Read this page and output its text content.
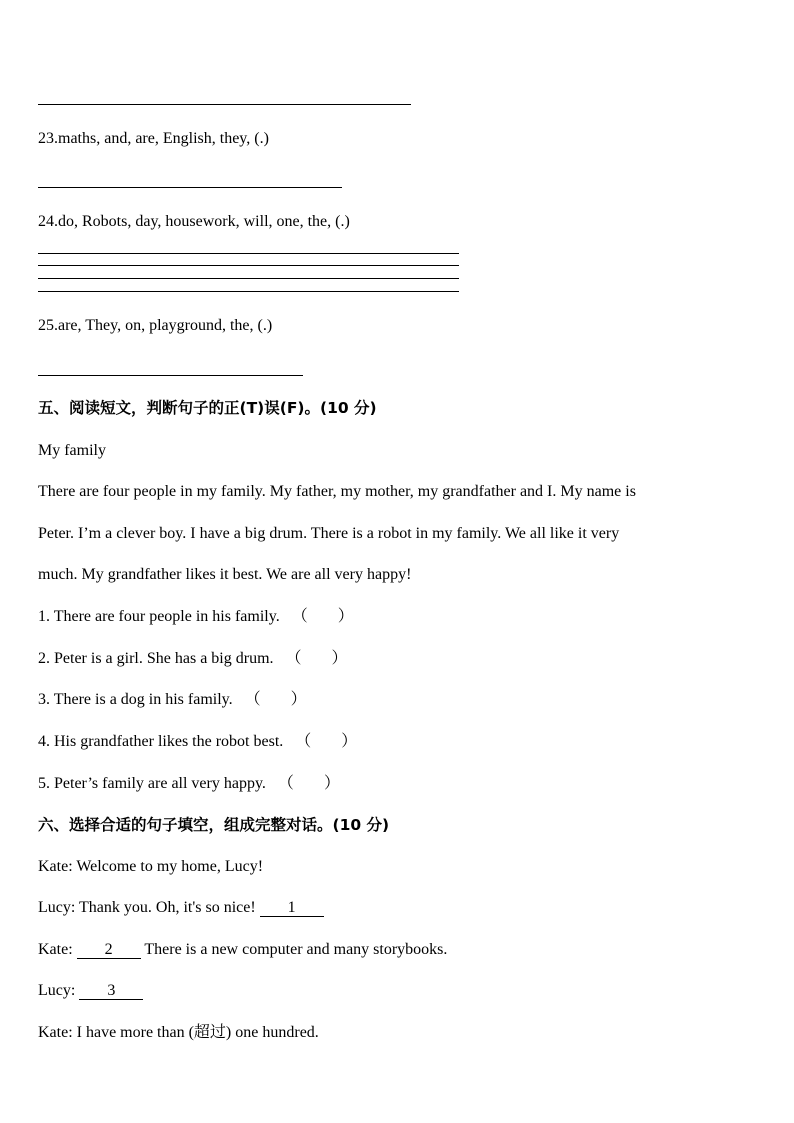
23.maths, and, are, English, they, (.)
24.do, Robots, day, housework, will, one, the, (.)
25.are, They, on, playground, the, (.)
五、阅读短文，判断句子的正(T)误(F)。(10 分)
My family
There are four people in my family. My father, my mother, my grandfather and I. My name is
Peter. I’m a clever boy. I have a big drum. There is a robot in my family. We all like it very
much. My grandfather likes it best. We are all very happy!
1. There are four people in his family. （ ）
2. Peter is a girl. She has a big drum. （ ）
3. There is a dog in his family. （ ）
4. His grandfather likes the robot best. （ ）
5. Peter’s family are all very happy. （ ）
六、选择合适的句子填空，组成完整对话。(10 分)
Kate: Welcome to my home, Lucy!
Lucy: Thank you. Oh, it's so nice! 1
Kate: 2 There is a new computer and many storybooks.
Lucy: 3
Kate: I have more than (超过) one hundred.
